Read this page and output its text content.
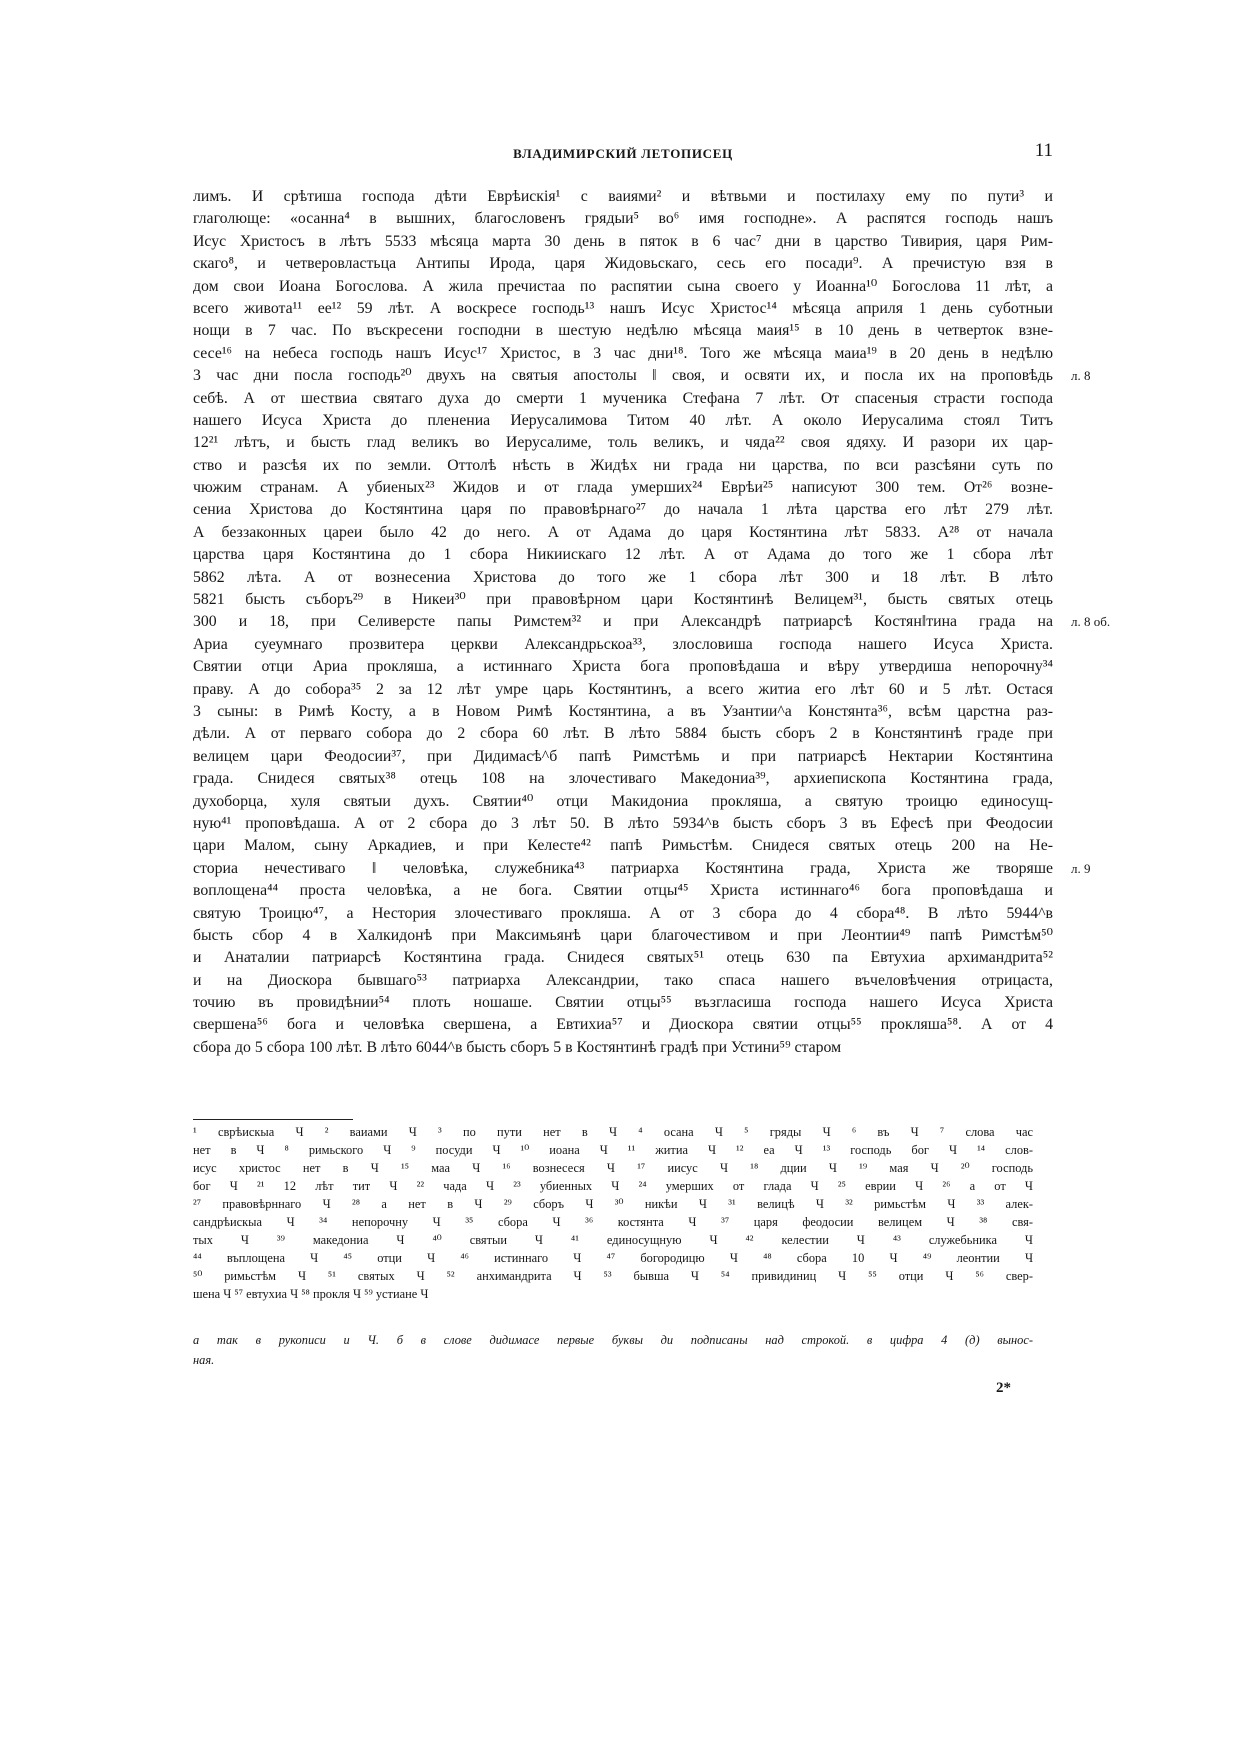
ВЛАДИМИРСКИЙ ЛЕТОПИСЕЦ	11
лимъ. И срѣтиша господа дѣти Еврѣискія¹ с ваиями² и вѣтвьми и постилаху ему по пути³ и
глаголюще: «осанна⁴ в вышних, благословенъ грядыи⁵ во⁶ имя господне». А распятся господь нашъ
Исус Христосъ в лѣтъ 5533 мѣсяца марта 30 день в пяток в 6 час⁷ дни в царство Тивирия, царя Рим-
скаго⁸, и четверовластьца Антипы Ирода, царя Жидовьскаго, сесь его посади⁹. А пречистую взя в
дом свои Иоана Богослова. А жила пречистаа по распятии сына своего у Иоанна¹⁰ Богослова 11 лѣт, а
всего живота¹¹ ее¹² 59 лѣт. А воскресе господь¹³ нашъ Исус Христос¹⁴ мѣсяца априля 1 день суботныи
нощи в 7 час. По въскресени господни в шестую недѣлю мѣсяца маия¹⁵ в 10 день в четверток взне-
сесе¹⁶ на небеса господь нашъ Исус¹⁷ Христос, в 3 час дни¹⁸. Того же мѣсяца маиа¹⁹ в 20 день в недѣлю
3 час дни посла господь²⁰ двухъ на святыя апостолы ‖ своя, и освяти их, и посла их на проповѣдь л. 8
себѣ. А от шествиа святаго духа до смерти 1 мученика Стефана 7 лѣт. От спасеныя страсти господа
нашего Исуса Христа до пленениа Иерусалимова Титом 40 лѣт. А около Иерусалима стоял Титъ
12²¹ лѣтъ, и бысть глад великъ во Иерусалиме, толь великъ, и чяда²² своя ядяху. И разори их цар-
ство и разсѣя их по земли. Оттолѣ нѣсть в Жидѣх ни града ни царства, по вси разсѣяни суть по
чюжим странам. А убиеных²³ Жидов и от глада умерших²⁴ Еврѣи²⁵ написуют 300 тем. От²⁶ возне-
сениа Христова до Костянтина царя по правовѣрнаго²⁷ до начала 1 лѣта царства его лѣт 279 лѣт.
А беззаконных цареи было 42 до него. А от Адама до царя Костянтина лѣт 5833. А²⁸ от начала
царства царя Костянтина до 1 сбора Никиискаго 12 лѣт. А от Адама до того же 1 сбора лѣт
5862 лѣта. А от вознесениа Христова до того же 1 сбора лѣт 300 и 18 лѣт. В лѣто
5821 бысть съборъ²⁹ в Никеи³⁰ при правовѣрном цари Костянтинѣ Велицем³¹, бысть святых отець
300 и 18, при Селиверсте папы Римстем³² и при Александрѣ патриарсѣ Костян‖тина града на л. 8 об.
Ариа суеумнаго прозвитера церкви Александрьскоа³³, злословиша господа нашего Исуса Христа.
Святии отци Ариа прокляша, а истиннаго Христа бога проповѣдаша и вѣру утвердиша непорочну³⁴
праву. А до собора³⁵ 2 за 12 лѣт умре царь Костянтинъ, а всего житиа его лѣт 60 и 5 лѣт. Остася
3 сыны: в Римѣ Косту, а в Новом Римѣ Костянтина, а въ Узантии^а Констянта³⁶, всѣм царстна раз-
дѣли. А от перваго собора до 2 сбора 60 лѣт. В лѣто 5884 бысть сборъ 2 в Констянтинѣ граде при
велицем цари Феодосии³⁷, при Дидимасѣ^б папѣ Римстѣмь и при патриарсѣ Нектарии Костянтина
града. Снидеся святых³⁸ отець 108 на злочестиваго Македониа³⁹, архиепископа Костянтина града,
духоборца, хуля святыи духъ. Святии⁴⁰ отци Макидониа прокляша, а святую троицю единосущ-
ную⁴¹ проповѣдаша. А от 2 сбора до 3 лѣт 50. В лѣто 5934^в бысть сборъ 3 въ Ефесѣ при Феодосии
цари Малом, сыну Аркадиев, и при Келесте⁴² папѣ Римьстѣм. Снидеся святых отець 200 на Не-
сториа нечестиваго ‖ человѣка, служебника⁴³ патриарха Костянтина града, Христа же творяше л. 9
воплощена⁴⁴ проста человѣка, а не бога. Святии отцы⁴⁵ Христа истиннаго⁴⁶ бога проповѣдаша и
святую Троицю⁴⁷, а Нестория злочестиваго прокляша. А от 3 сбора до 4 сбора⁴⁸. В лѣто 5944^в
бысть сбор 4 в Халкидонѣ при Максимьянѣ цари благочестивом и при Леонтии⁴⁹ папѣ Римстѣм⁵⁰
и Анаталии патриарсѣ Костянтина града. Снидеся святых⁵¹ отець 630 па Евтухиа архимандрита⁵²
и на Диоскора бывшаго⁵³ патриарха Александрии, тако спаса нашего въчеловѣчения отрицаста,
точию въ провидѣнии⁵⁴ плоть ношаше. Святии отцы⁵⁵ възгласиша господа нашего Исуса Христа
свершена⁵⁶ бога и человѣка свершена, а Евтихиа⁵⁷ и Диоскора святии отцы⁵⁵ прокляша⁵⁸. А от 4
сбора до 5 сбора 100 лѣт. В лѣто 6044^в бысть сборъ 5 в Костянтинѣ градѣ при Устини⁵⁹ старом
¹ сврѣискыа Ч ² ваиами Ч ³ по пути нет в Ч ⁴ осана Ч ⁵ гряды Ч ⁶ въ Ч ⁷ слова час
нет в Ч ⁸ римьского Ч ⁹ посуди Ч ¹⁰ иоана Ч ¹¹ житиа Ч ¹² еа Ч ¹³ господь бог Ч ¹⁴ слов-
исус христос нет в Ч ¹⁵ маа Ч ¹⁶ вознесеся Ч ¹⁷ иисус Ч ¹⁸ дции Ч ¹⁹ мая Ч ²⁰ господь
бог Ч ²¹ 12 лѣт тит Ч ²² чада Ч ²³ убиенных Ч ²⁴ умерших от глада Ч ²⁵ еврии Ч ²⁶ а от Ч
²⁷ правовѣрннаго Ч ²⁸ а нет в Ч ²⁹ сборъ Ч ³⁰ никѣи Ч ³¹ велицѣ Ч ³² римьстѣм Ч ³³ алек-
сандрѣискыа Ч ³⁴ непорочну Ч ³⁵ сбора Ч ³⁶ костянта Ч ³⁷ царя феодосии велицем Ч ³⁸ свя-
тых Ч ³⁹ македониа Ч ⁴⁰ святыи Ч ⁴¹ единосущную Ч ⁴² келестии Ч ⁴³ служебьника Ч
⁴⁴ въплощена Ч ⁴⁵ отци Ч ⁴⁶ истиннаго Ч ⁴⁷ богородицю Ч ⁴⁸ сбора 10 Ч ⁴⁹ леонтии Ч
⁵⁰ римьстѣм Ч ⁵¹ святых Ч ⁵² анхимандрита Ч ⁵³ бывша Ч ⁵⁴ привидиниц Ч ⁵⁵ отци Ч ⁵⁶ свер-
шена Ч ⁵⁷ евтухиа Ч ⁵⁸ прокля Ч ⁵⁹ устиане Ч
а так в рукописи и Ч. б в слове дидимасе первые буквы ди подписаны над строкой. в цифра 4 (д) вынос-
ная.
2*
